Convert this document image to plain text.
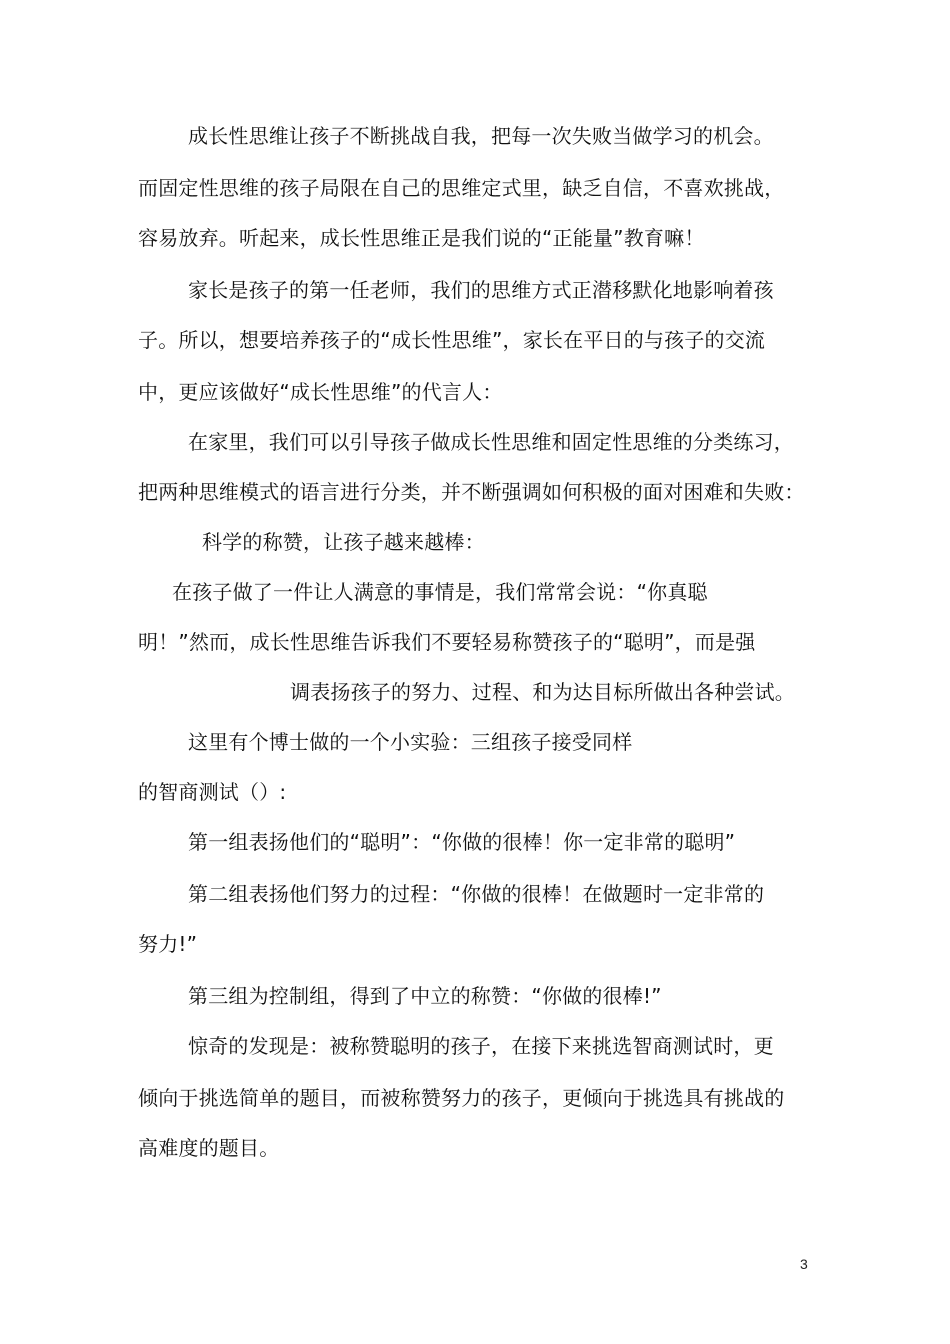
成长性思维让孩子不断挑战自我，把每一次失败当做学习的机会。
而固定性思维的孩子局限在自己的思维定式里，缺乏自信，不喜欢挑战，
容易放弃。听起来，成长性思维正是我们说的“正能量”教育嘛！
家长是孩子的第一任老师，我们的思维方式正潜移默化地影响着孩
子。所以，想要培养孩子的“成长性思维”，家长在平日的与孩子的交流
中，更应该做好“成长性思维”的代言人：
在家里，我们可以引导孩子做成长性思维和固定性思维的分类练习，
把两种思维模式的语言进行分类，并不断强调如何积极的面对困难和失败：
科学的称赞，让孩子越来越棒：
在孩子做了一件让人满意的事情是，我们常常会说：“你真聪
明！”然而，成长性思维告诉我们不要轻易称赞孩子的“聪明”，而是强
调表扬孩子的努力、过程、和为达目标所做出各种尝试。
这里有个博士做的一个小实验：三组孩子接受同样
的智商测试（）:
第一组表扬他们的“聪明”：“你做的很棒！你一定非常的聪明”
第二组表扬他们努力的过程：“你做的很棒！在做题时一定非常的
努力!”
第三组为控制组，得到了中立的称赞：“你做的很棒!”
惊奇的发现是：被称赞聪明的孩子，在接下来挑选智商测试时，更
倾向于挑选简单的题目，而被称赞努力的孩子，更倾向于挑选具有挑战的
高难度的题目。
3
